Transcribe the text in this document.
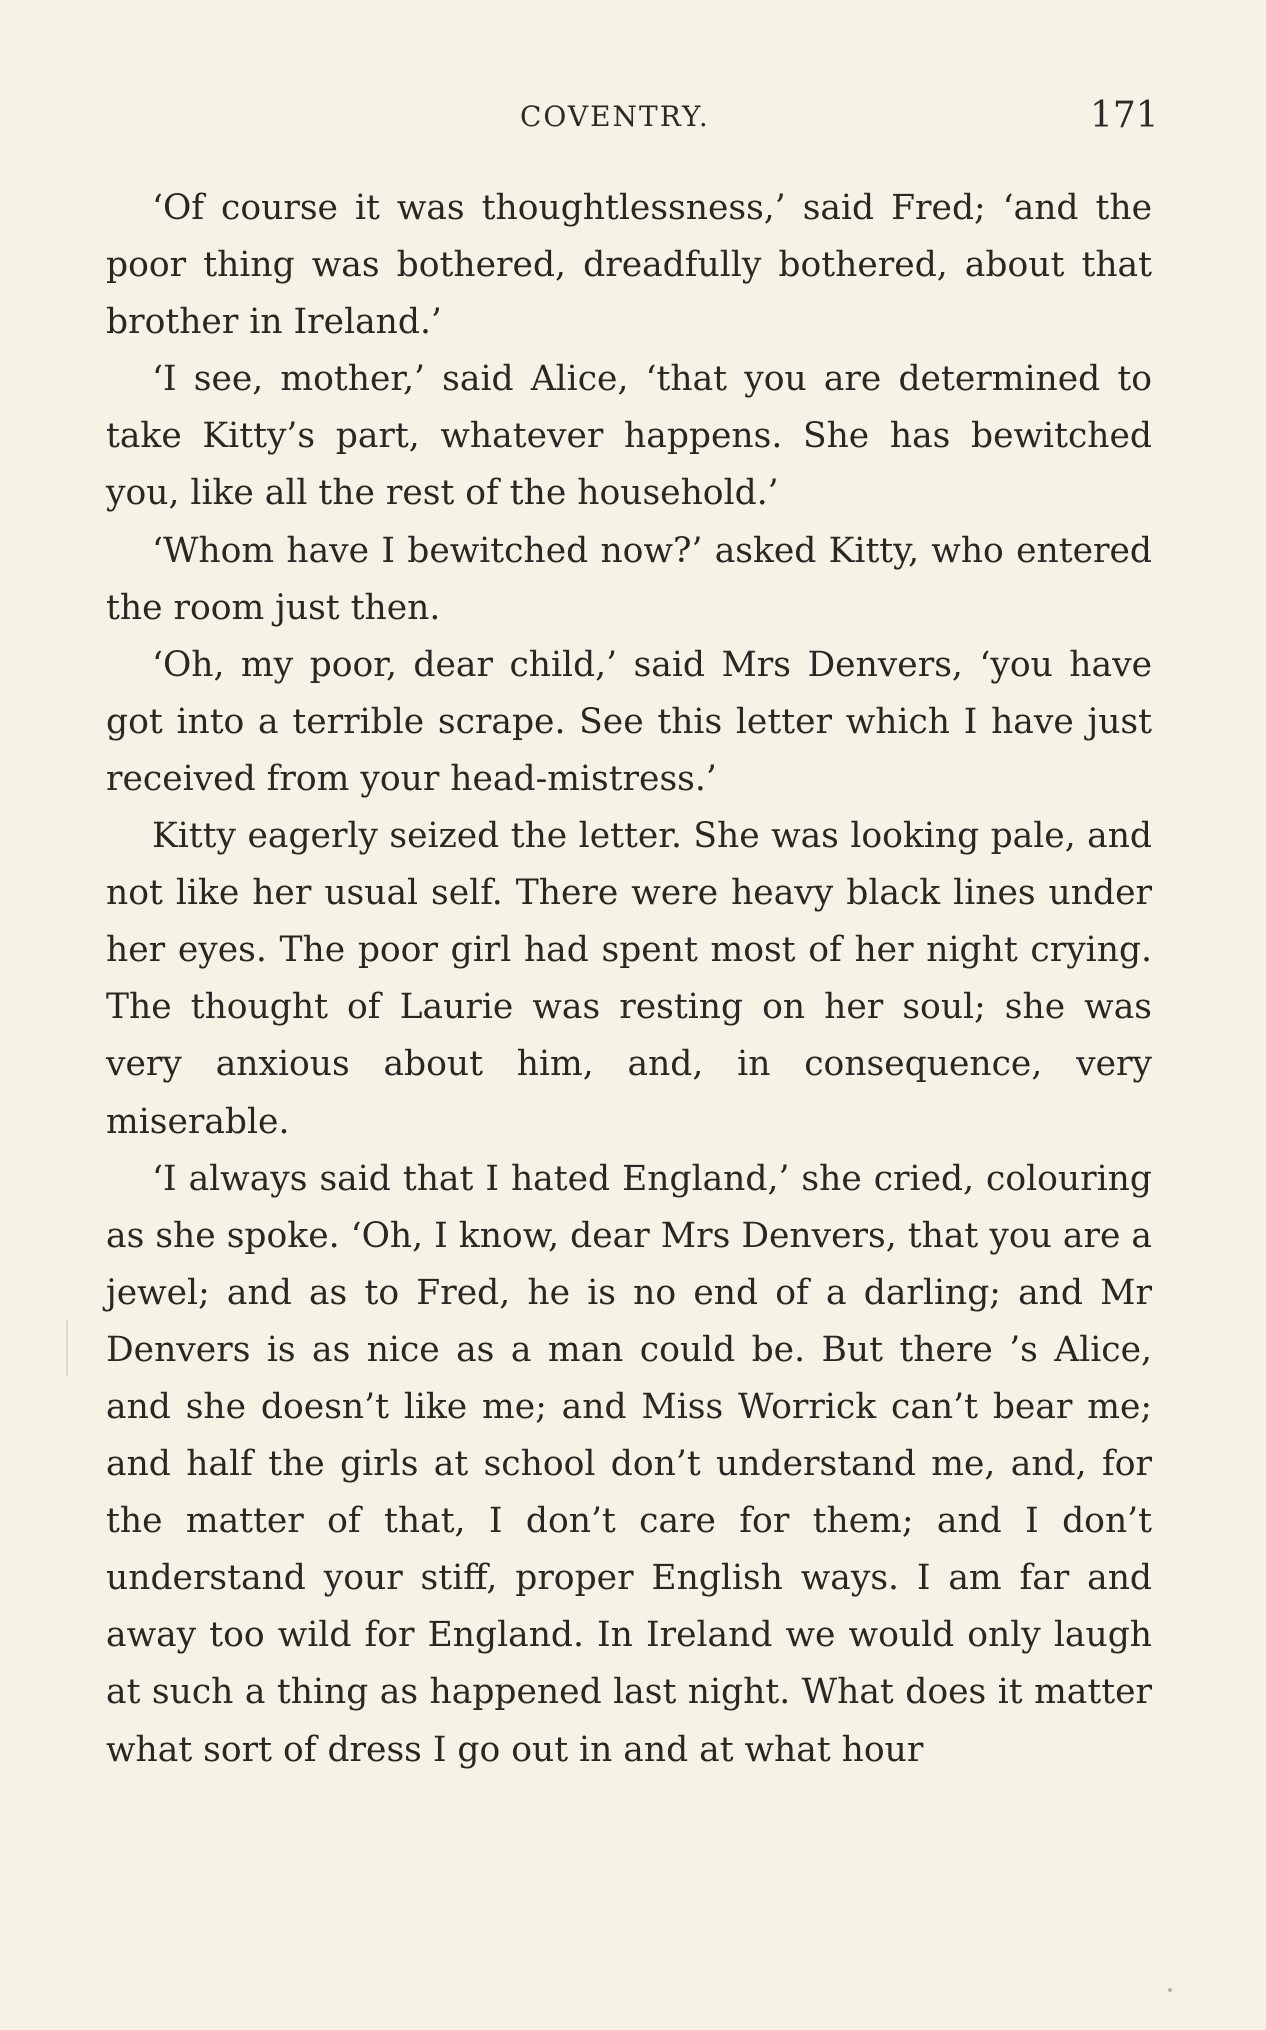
COVENTRY.	171

‘Of course it was thoughtlessness,’ said Fred; ‘and the poor thing was bothered, dreadfully bothered, about that brother in Ireland.’

‘I see, mother,’ said Alice, ‘that you are determined to take Kitty’s part, whatever happens. She has bewitched you, like all the rest of the household.’

‘Whom have I bewitched now?’ asked Kitty, who entered the room just then.

‘Oh, my poor, dear child,’ said Mrs Denvers, ‘you have got into a terrible scrape. See this letter which I have just received from your head-mistress.’

Kitty eagerly seized the letter. She was looking pale, and not like her usual self. There were heavy black lines under her eyes. The poor girl had spent most of her night crying. The thought of Laurie was resting on her soul; she was very anxious about him, and, in consequence, very miserable.

‘I always said that I hated England,’ she cried, colouring as she spoke. ‘Oh, I know, dear Mrs Denvers, that you are a jewel; and as to Fred, he is no end of a darling; and Mr Denvers is as nice as a man could be. But there ’s Alice, and she doesn’t like me; and Miss Worrick can’t bear me; and half the girls at school don’t understand me, and, for the matter of that, I don’t care for them; and I don’t understand your stiff, proper English ways. I am far and away too wild for England. In Ireland we would only laugh at such a thing as happened last night. What does it matter what sort of dress I go out in and at what hour
